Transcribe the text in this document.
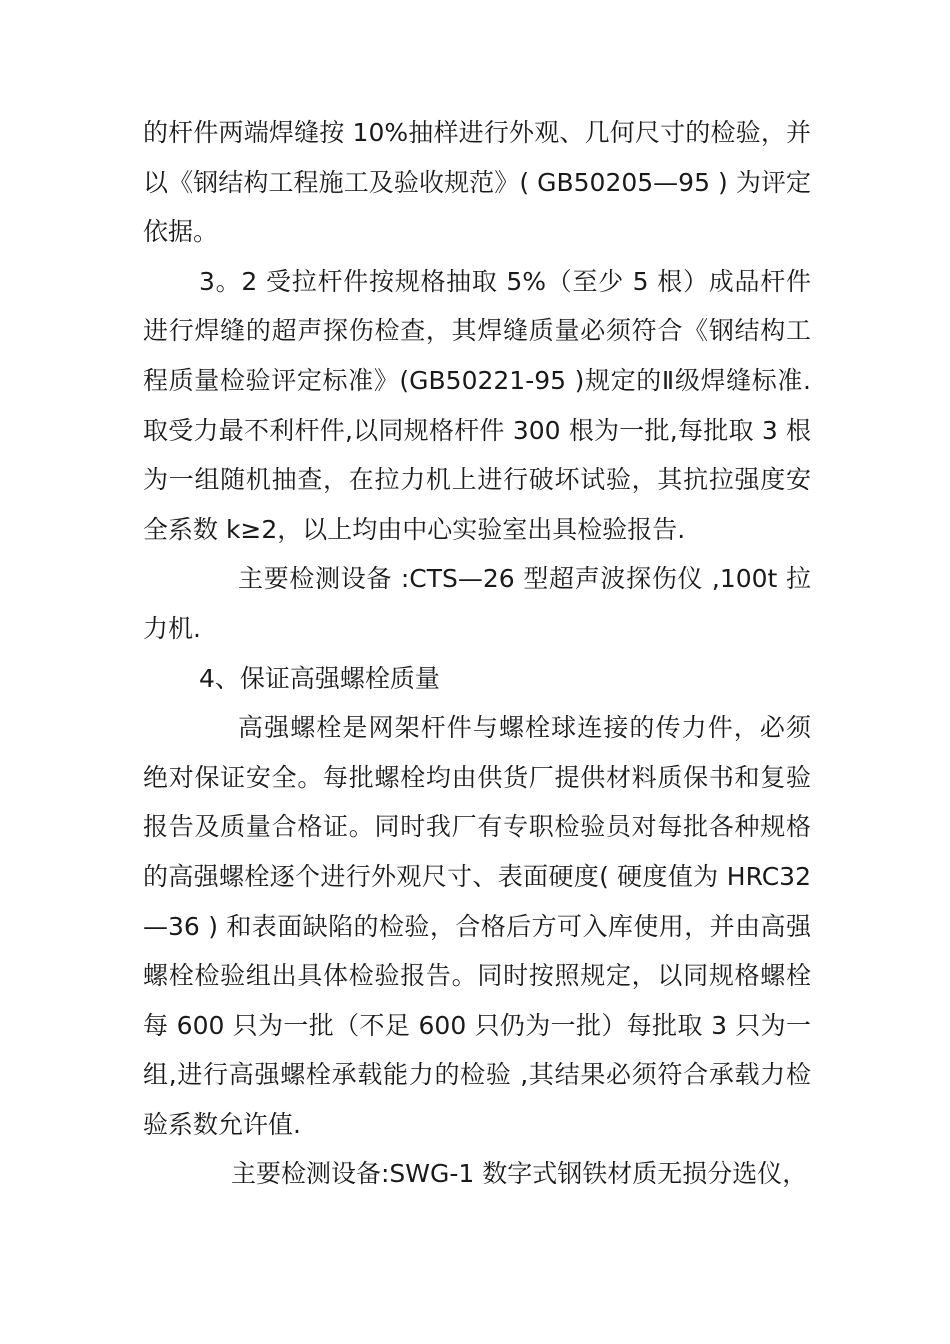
的杆件两端焊缝按 10%抽样进行外观、几何尺寸的检验，并以《钢结构工程施工及验收规范》( GB50205—95 ) 为评定依据。

3。2 受拉杆件按规格抽取 5%（至少 5 根）成品杆件进行焊缝的超声探伤检查，其焊缝质量必须符合《钢结构工程质量检验评定标准》(GB50221-95 )规定的Ⅱ级焊缝标准.取受力最不利杆件,以同规格杆件 300 根为一批,每批取 3 根为一组随机抽查，在拉力机上进行破坏试验，其抗拉强度安全系数 k≥2，以上均由中心实验室出具检验报告.

主要检测设备 :CTS—26 型超声波探伤仪 ,100t 拉力机.

4、保证高强螺栓质量

高强螺栓是网架杆件与螺栓球连接的传力件，必须绝对保证安全。每批螺栓均由供货厂提供材料质保书和复验报告及质量合格证。同时我厂有专职检验员对每批各种规格的高强螺栓逐个进行外观尺寸、表面硬度( 硬度值为 HRC32—36 ) 和表面缺陷的检验，合格后方可入库使用，并由高强螺栓检验组出具体检验报告。同时按照规定，以同规格螺栓每 600 只为一批（不足 600 只仍为一批）每批取 3 只为一组,进行高强螺栓承载能力的检验 ,其结果必须符合承载力检验系数允许值.

主要检测设备:SWG-1 数字式钢铁材质无损分选仪，
